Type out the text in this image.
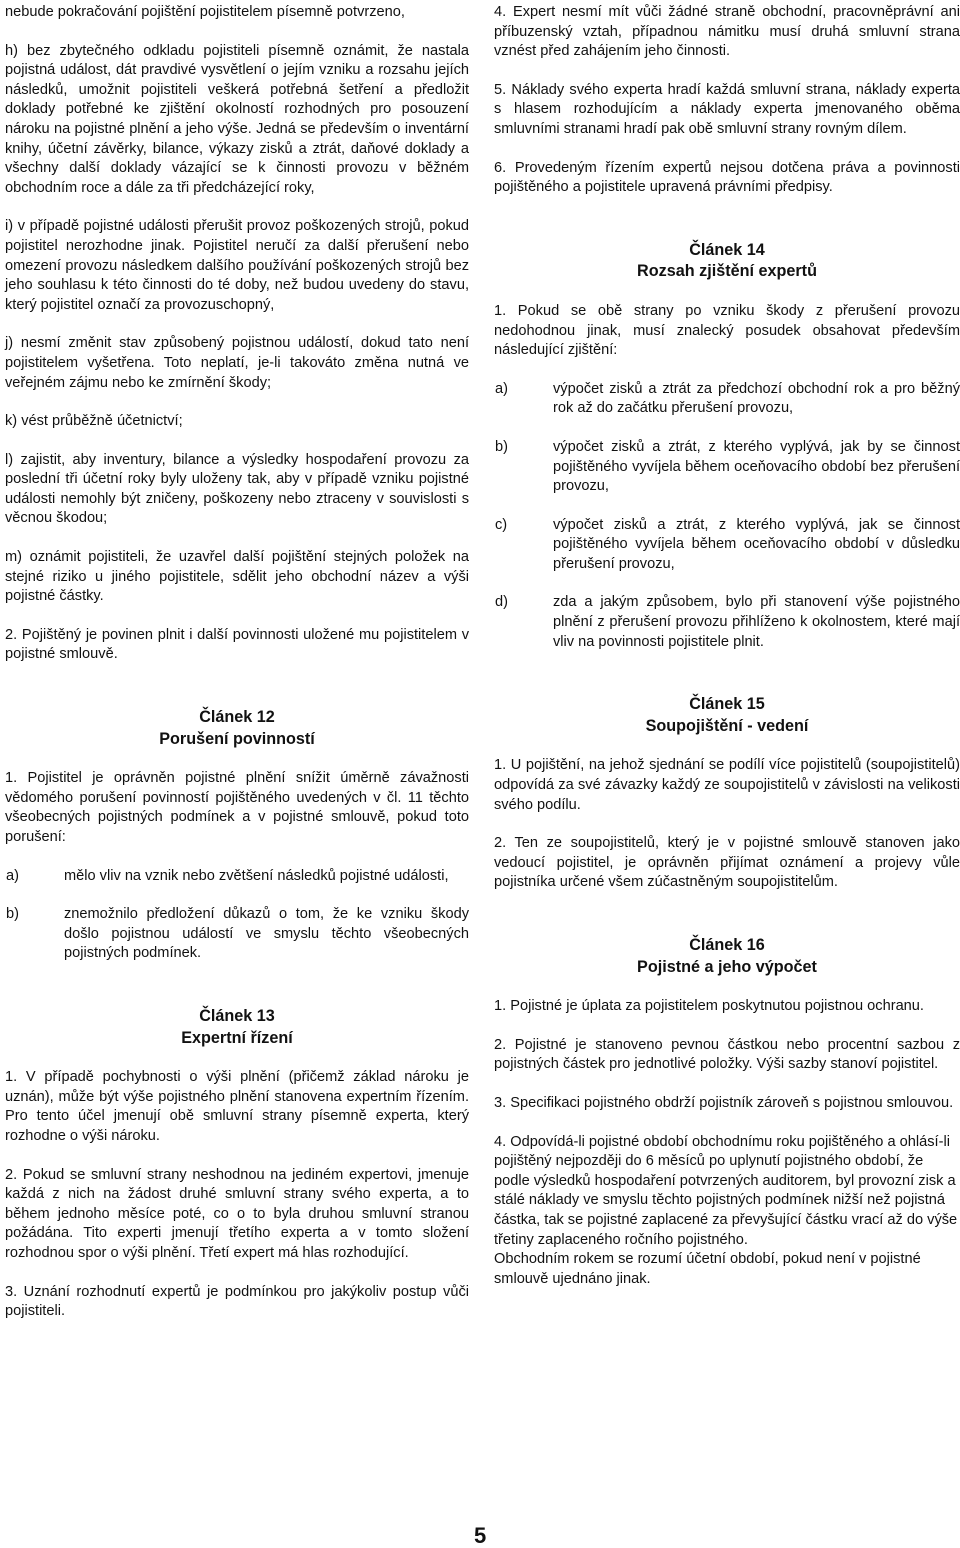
nebude pokračování pojištění pojistitelem písemně potvrzeno,

h) bez zbytečného odkladu pojistiteli písemně oznámit, že nastala pojistná událost, dát pravdivé vysvětlení o jejím vzniku a rozsahu jejích následků, umožnit pojistiteli veškerá potřebná šetření a předložit doklady potřebné ke zjištění okolností rozhodných pro posouzení nároku na pojistné plnění a jeho výše. Jedná se především o inventární knihy, účetní závěrky, bilance, výkazy zisků a ztrát, daňové doklady a všechny další doklady vázající se k činnosti provozu v běžném obchodním roce a dále za tři předcházející roky,

i) v případě pojistné události přerušit provoz poškozených strojů, pokud pojistitel nerozhodne jinak. Pojistitel neručí za další přerušení nebo omezení provozu následkem dalšího používání poškozených strojů bez jeho souhlasu k této činnosti do té doby, než budou uvedeny do stavu, který pojistitel označí za provozuschopný,

j) nesmí změnit stav způsobený pojistnou událostí, dokud tato není pojistitelem vyšetřena. Toto neplatí, je-li takováto změna nutná ve veřejném zájmu nebo ke zmírnění škody;

k) vést průběžně účetnictví;

l) zajistit, aby inventury, bilance a výsledky hospodaření provozu za poslední tři účetní roky byly uloženy tak, aby v případě vzniku pojistné události nemohly být zničeny, poškozeny nebo ztraceny v souvislosti s věcnou škodou;

m) oznámit pojistiteli, že uzavřel další pojištění stejných položek na stejné riziko u jiného pojistitele, sdělit jeho obchodní název a výši pojistné částky.

2. Pojištěný je povinen plnit i další povinnosti uložené mu pojistitelem v pojistné smlouvě.

Článek 12

Porušení povinností

1. Pojistitel je oprávněn pojistné plnění snížit úměrně závažnosti vědomého porušení povinností pojištěného uvedených v čl. 11 těchto všeobecných pojistných podmínek a v pojistné smlouvě, pokud toto porušení:

a)	mělo vliv na vznik nebo zvětšení následků pojistné události,
b)	znemožnilo předložení důkazů o tom, že ke vzniku škody došlo pojistnou událostí ve smyslu těchto všeobecných pojistných podmínek.

Článek 13

Expertní řízení

1. V případě pochybnosti o výši plnění (přičemž základ nároku je uznán), může být výše pojistného plnění stanovena expertním řízením. Pro tento účel jmenují obě smluvní strany písemně experta, který rozhodne o výši nároku.

2. Pokud se smluvní strany neshodnou na jediném expertovi, jmenuje každá z nich na žádost druhé smluvní strany svého experta, a to během jednoho měsíce poté, co o to byla druhou smluvní stranou požádána. Tito experti jmenují třetího experta a v tomto složení rozhodnou spor o výši plnění. Třetí expert má hlas rozhodující.

3. Uznání rozhodnutí expertů je podmínkou pro jakýkoliv postup vůči pojistiteli.

4. Expert nesmí mít vůči žádné straně obchodní, pracovněprávní ani příbuzenský vztah, případnou námitku musí druhá smluvní strana vznést před zahájením jeho činnosti.

5. Náklady svého experta hradí každá smluvní strana, náklady experta s hlasem rozhodujícím a náklady experta jmenovaného oběma smluvními stranami hradí pak obě smluvní strany rovným dílem.

6. Provedeným řízením expertů nejsou dotčena práva a povinnosti pojištěného a pojistitele upravená právními předpisy.

Článek 14

Rozsah zjištění expertů

1. Pokud se obě strany po vzniku škody z přerušení provozu nedohodnou jinak, musí znalecký posudek obsahovat především následující zjištění:

a)	výpočet zisků a ztrát za předchozí obchodní rok a pro běžný rok až do začátku přerušení provozu,
b)	výpočet zisků a ztrát, z kterého vyplývá, jak by se činnost pojištěného vyvíjela během oceňovacího období bez přerušení provozu,
c)	výpočet zisků a ztrát, z kterého vyplývá, jak se činnost pojištěného vyvíjela během oceňovacího období v důsledku přerušení provozu,
d)	zda a jakým způsobem, bylo při stanovení výše pojistného plnění z přerušení provozu přihlíženo k okolnostem, které mají vliv na povinnosti pojistitele plnit.

Článek 15

Soupojištění - vedení

1. U pojištění, na jehož sjednání se podílí více pojistitelů (soupojistitelů) odpovídá za své závazky každý ze soupojistitelů v závislosti na velikosti svého podílu.

2. Ten ze soupojistitelů, který je v pojistné smlouvě stanoven jako vedoucí pojistitel, je oprávněn přijímat oznámení a projevy vůle pojistníka určené všem zúčastněným soupojistitelům.

Článek 16

Pojistné a jeho výpočet

1. Pojistné je úplata za pojistitelem poskytnutou pojistnou ochranu.

2. Pojistné je stanoveno pevnou částkou nebo procentní sazbou z pojistných částek pro jednotlivé položky. Výši sazby stanoví pojistitel.

3. Specifikaci pojistného obdrží pojistník zároveň s pojistnou smlouvou.

4. Odpovídá-li pojistné období obchodnímu roku pojištěného a ohlásí-li pojištěný nejpozději do 6 měsíců po uplynutí pojistného období, že podle výsledků hospodaření potvrzených auditorem, byl provozní zisk a stálé náklady ve smyslu těchto pojistných podmínek nižší než pojistná částka, tak se pojistné zaplacené za převyšující částku vrací až do výše třetiny zaplaceného ročního pojistného.

Obchodním rokem se rozumí účetní období, pokud není v pojistné smlouvě ujednáno jinak.

5
